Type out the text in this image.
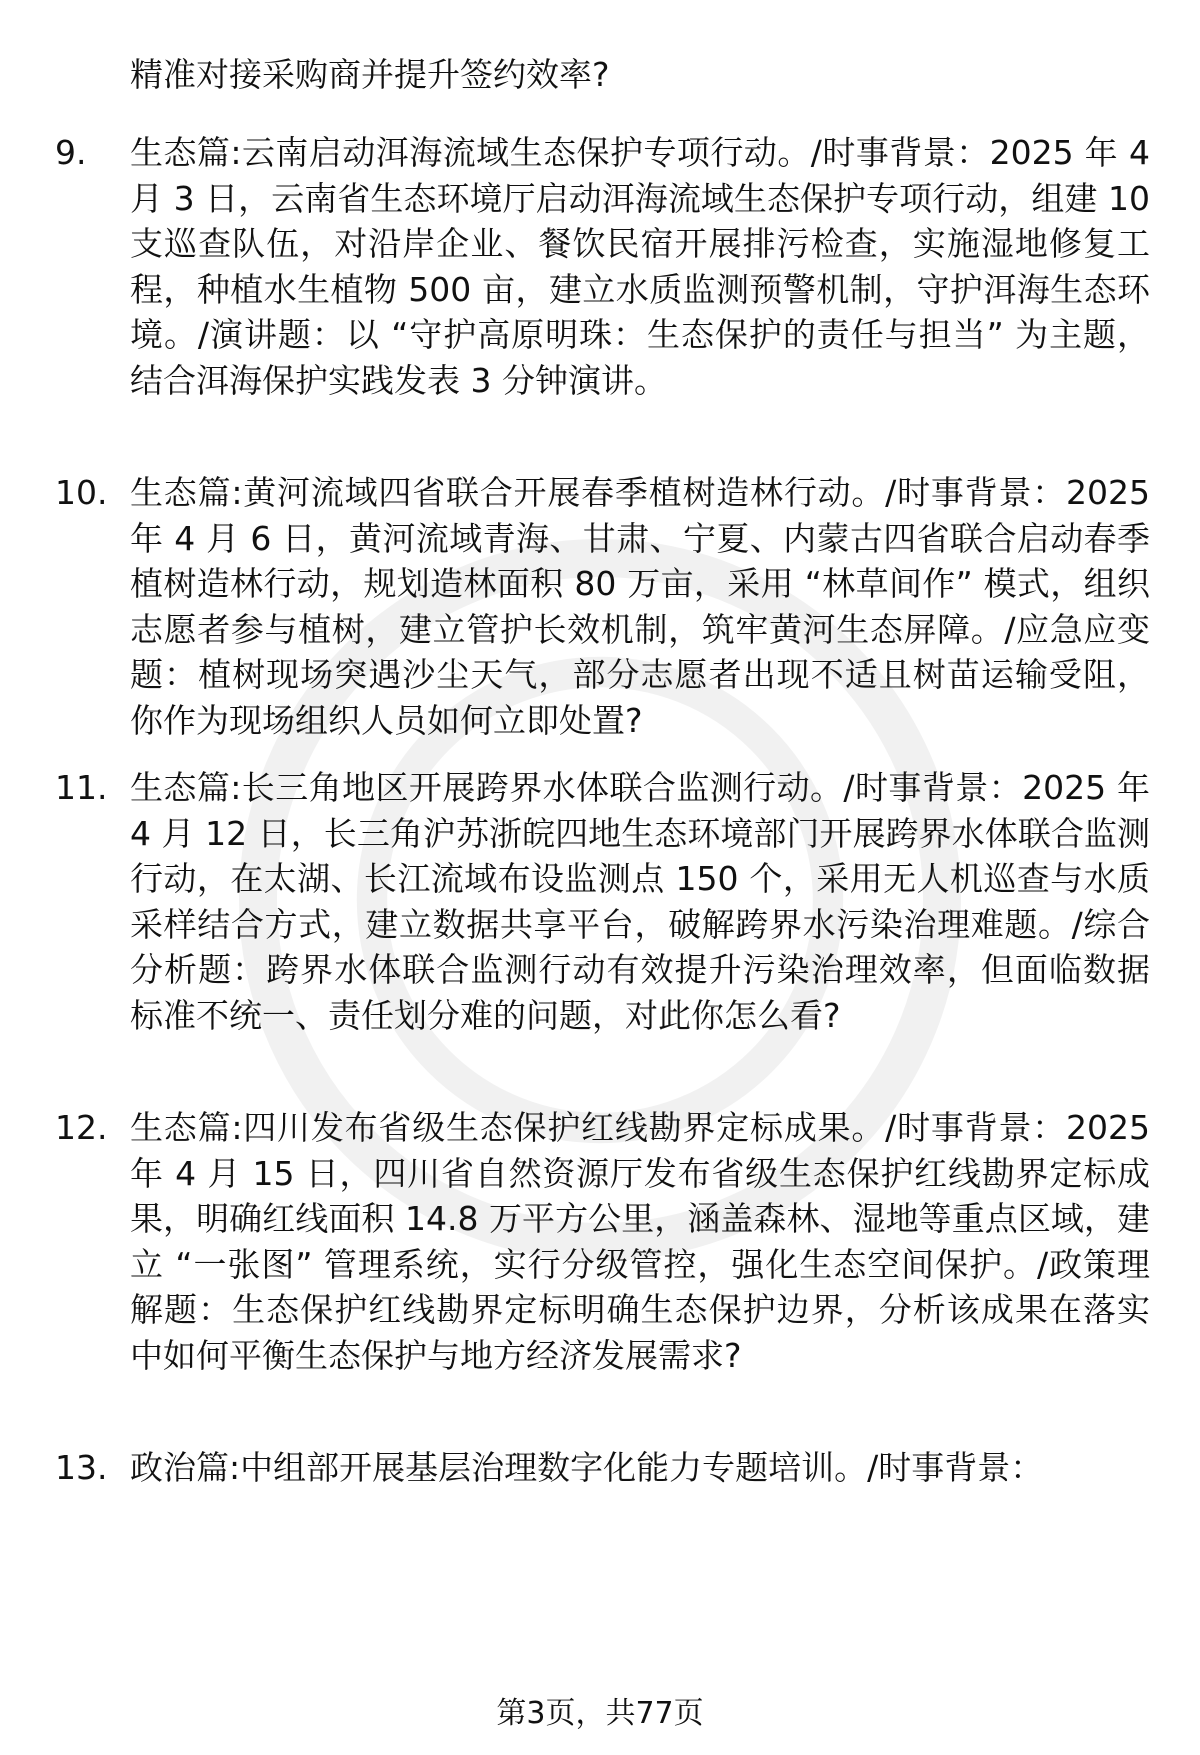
精准对接采购商并提升签约效率?
9.	生态篇:云南启动洱海流域生态保护专项行动。/时事背景：2025 年 4 月 3 日，云南省生态环境厅启动洱海流域生态保护专项行动，组建 10 支巡查队伍，对沿岸企业、餐饮民宿开展排污检查，实施湿地修复工程，种植水生植物 500 亩，建立水质监测预警机制，守护洱海生态环境。/演讲题：以 “守护高原明珠：生态保护的责任与担当” 为主题，结合洱海保护实践发表 3 分钟演讲。
10. 生态篇:黄河流域四省联合开展春季植树造林行动。/时事背景：2025 年 4 月 6 日，黄河流域青海、甘肃、宁夏、内蒙古四省联合启动春季植树造林行动，规划造林面积 80 万亩，采用 “林草间作” 模式，组织志愿者参与植树，建立管护长效机制，筑牢黄河生态屏障。/应急应变题：植树现场突遇沙尘天气，部分志愿者出现不适且树苗运输受阻，你作为现场组织人员如何立即处置?
11. 生态篇:长三角地区开展跨界水体联合监测行动。/时事背景：2025 年 4 月 12 日，长三角沪苏浙皖四地生态环境部门开展跨界水体联合监测行动，在太湖、长江流域布设监测点 150 个，采用无人机巡查与水质采样结合方式，建立数据共享平台，破解跨界水污染治理难题。/综合分析题：跨界水体联合监测行动有效提升污染治理效率，但面临数据标准不统一、责任划分难的问题，对此你怎么看?
12. 生态篇:四川发布省级生态保护红线勘界定标成果。/时事背景：2025 年 4 月 15 日，四川省自然资源厅发布省级生态保护红线勘界定标成果，明确红线面积 14.8 万平方公里，涵盖森林、湿地等重点区域，建立 “一张图” 管理系统，实行分级管控，强化生态空间保护。/政策理解题：生态保护红线勘界定标明确生态保护边界，分析该成果在落实中如何平衡生态保护与地方经济发展需求?
13. 政治篇:中组部开展基层治理数字化能力专题培训。/时事背景：
第3页，共77页
